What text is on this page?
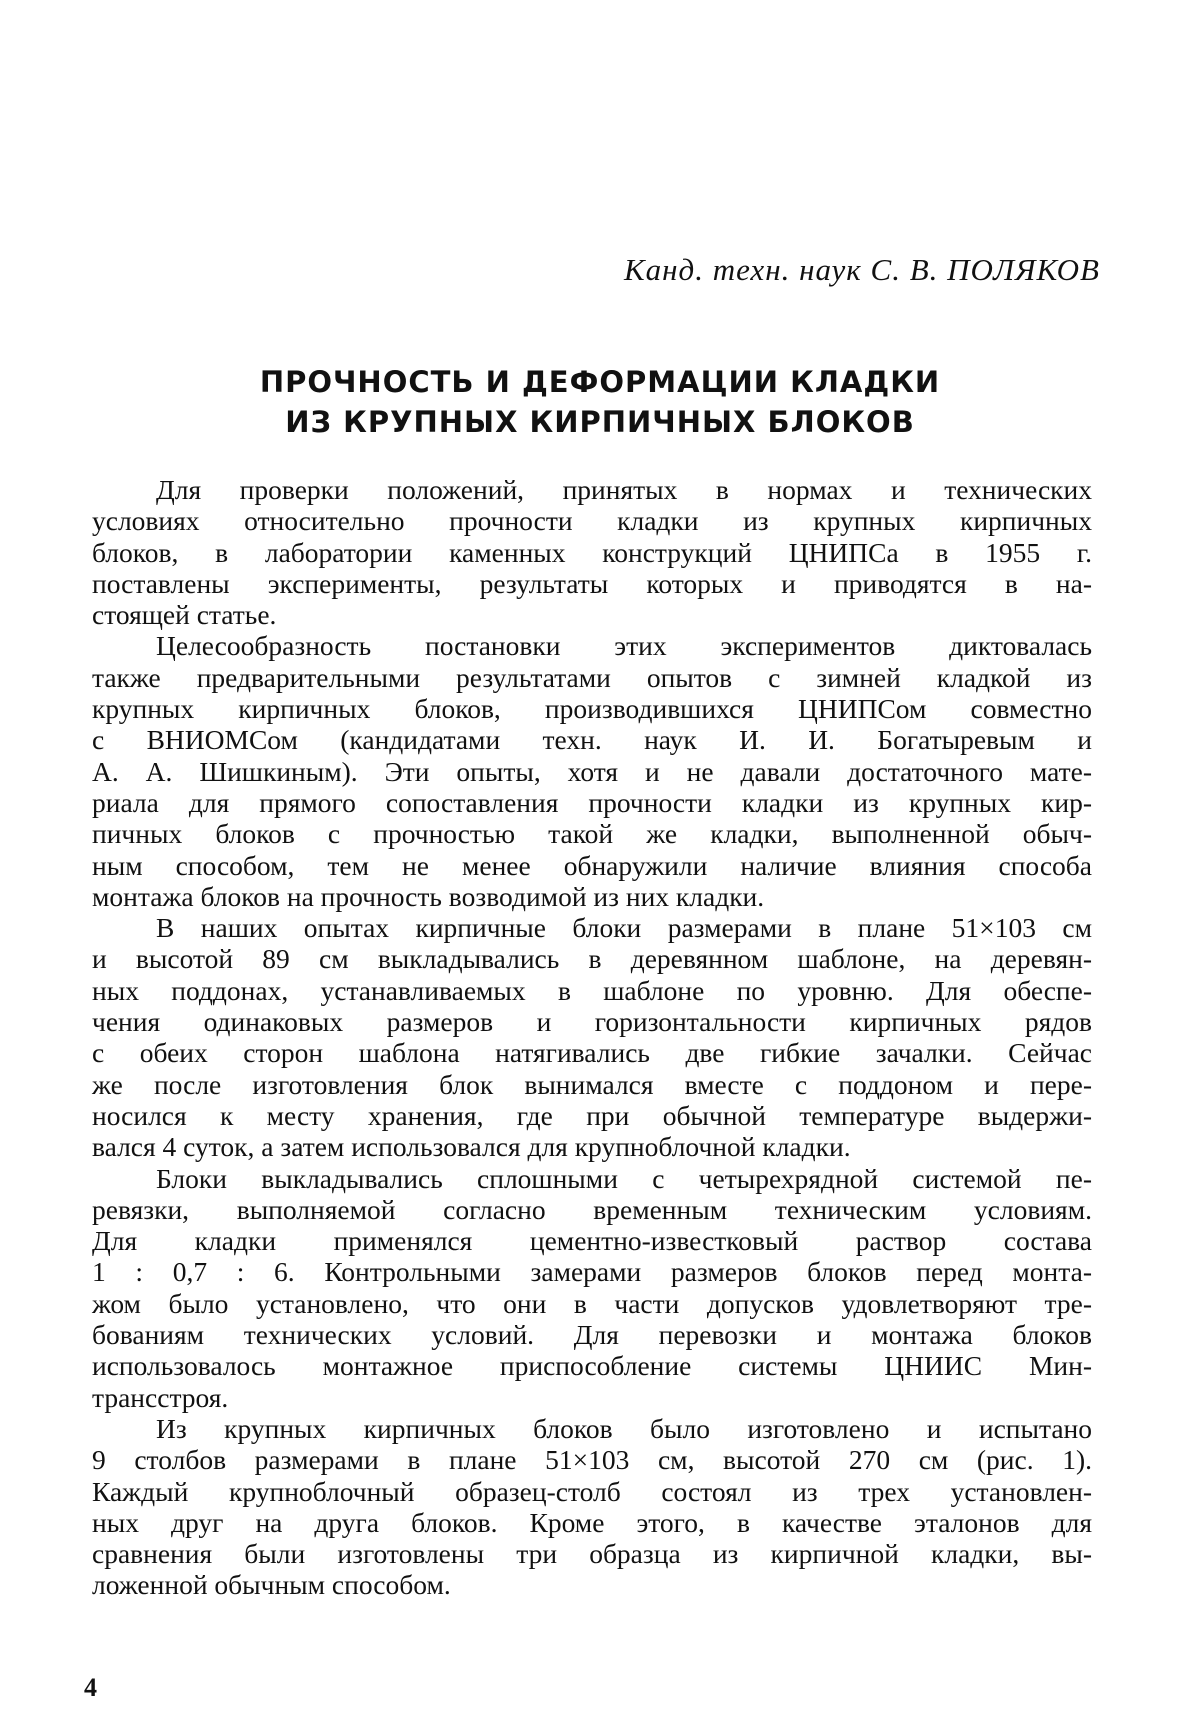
Канд. техн. наук С. В. ПОЛЯКОВ
ПРОЧНОСТЬ И ДЕФОРМАЦИИ КЛАДКИ
ИЗ КРУПНЫХ КИРПИЧНЫХ БЛОКОВ

Для проверки положений, принятых в нормах и технических
условиях относительно прочности кладки из крупных кирпичных
блоков, в лаборатории каменных конструкций ЦНИПСа в 1955 г.
поставлены эксперименты, результаты которых и приводятся в на-
стоящей статье.

Целесообразность постановки этих экспериментов диктовалась
также предварительными результатами опытов с зимней кладкой из
крупных кирпичных блоков, производившихся ЦНИПСом совместно
с ВНИОМСом (кандидатами техн. наук И. И. Богатыревым и
А. А. Шишкиным). Эти опыты, хотя и не давали достаточного мате-
риала для прямого сопоставления прочности кладки из крупных кир-
пичных блоков с прочностью такой же кладки, выполненной обыч-
ным способом, тем не менее обнаружили наличие влияния способа
монтажа блоков на прочность возводимой из них кладки.

В наших опытах кирпичные блоки размерами в плане 51×103 см
и высотой 89 см выкладывались в деревянном шаблоне, на деревян-
ных поддонах, устанавливаемых в шаблоне по уровню. Для обеспе-
чения одинаковых размеров и горизонтальности кирпичных рядов
с обеих сторон шаблона натягивались две гибкие зачалки. Сейчас
же после изготовления блок вынимался вместе с поддоном и пере-
носился к месту хранения, где при обычной температуре выдержи-
вался 4 суток, а затем использовался для крупноблочной кладки.

Блоки выкладывались сплошными с четырехрядной системой пе-
ревязки, выполняемой согласно временным техническим условиям.
Для кладки применялся цементно-известковый раствор состава
1 : 0,7 : 6. Контрольными замерами размеров блоков перед монта-
жом было установлено, что они в части допусков удовлетворяют тре-
бованиям технических условий. Для перевозки и монтажа блоков
использовалось монтажное приспособление системы ЦНИИС Мин-
трансстроя.

Из крупных кирпичных блоков было изготовлено и испытано
9 столбов размерами в плане 51×103 см, высотой 270 см (рис. 1).
Каждый крупноблочный образец-столб состоял из трех установлен-
ных друг на друга блоков. Кроме этого, в качестве эталонов для
сравнения были изготовлены три образца из кирпичной кладки, вы-
ложенной обычным способом.

4
